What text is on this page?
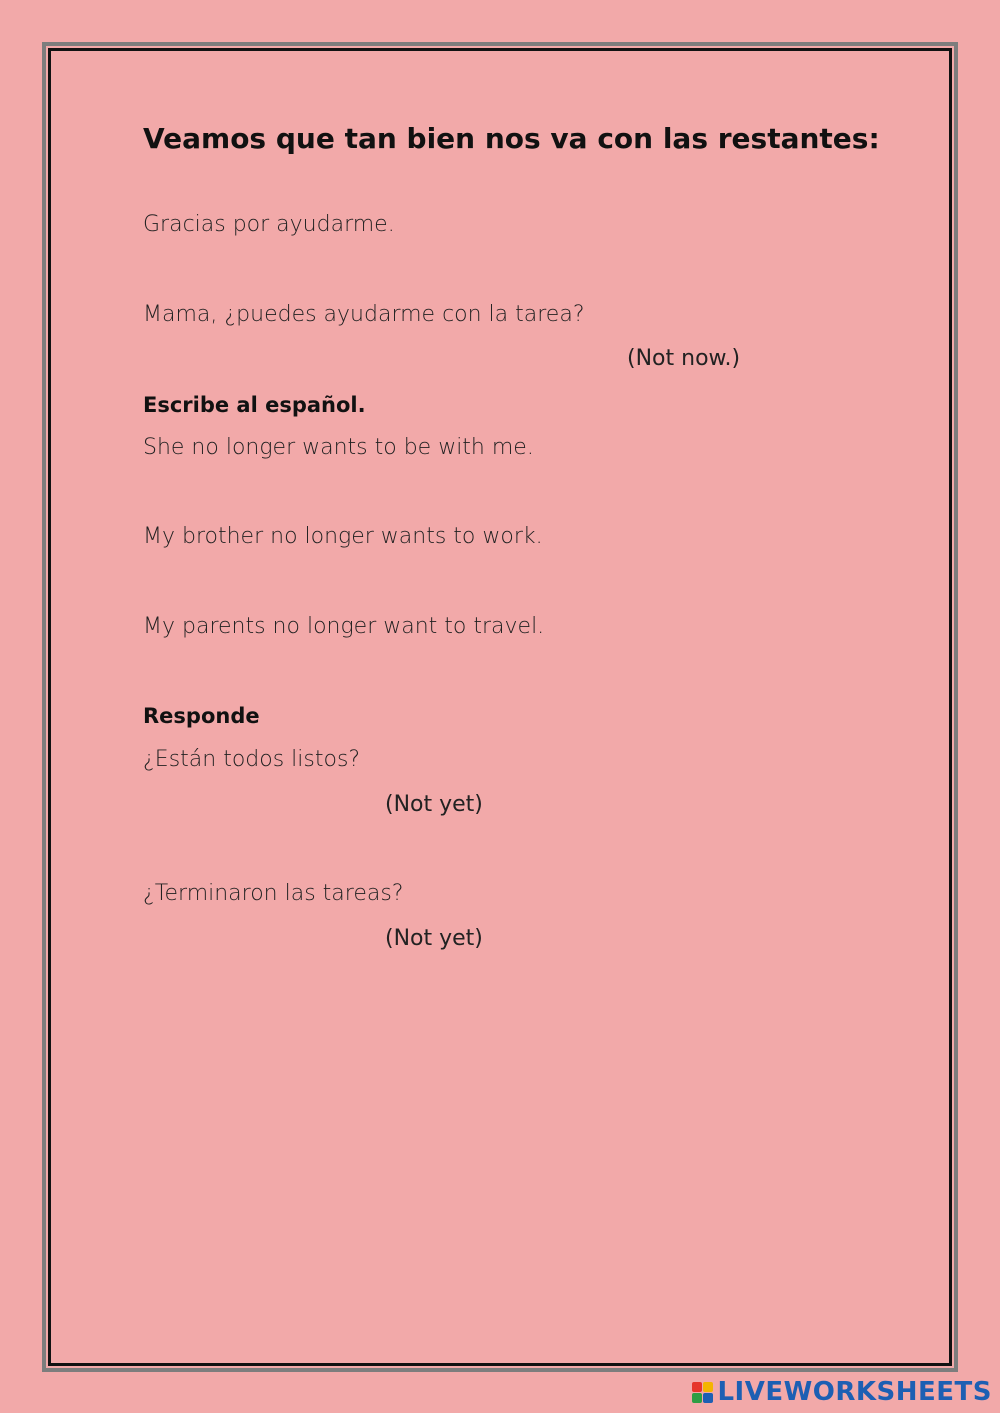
Veamos que tan bien nos va con las restantes:
Gracias por ayudarme.
Mama, ¿puedes ayudarme con la tarea?
(Not now.)
Escribe al español.
She no longer wants to be with me.
My brother no longer wants to work.
My parents no longer want to travel.
Responde
¿Están todos listos?
(Not yet)
¿Terminaron las tareas?
(Not yet)
LIVEWORKSHEETS
